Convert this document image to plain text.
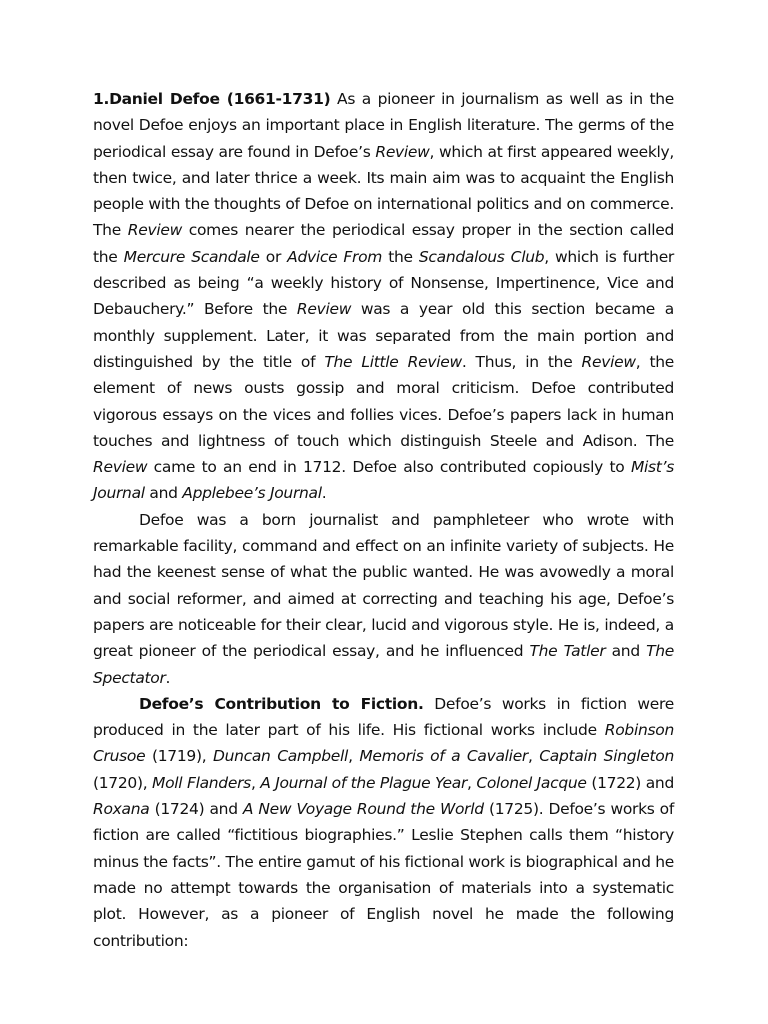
1.Daniel Defoe (1661-1731) As a pioneer in journalism as well as in the novel Defoe enjoys an important place in English literature. The germs of the periodical essay are found in Defoe’s Review, which at first appeared weekly, then twice, and later thrice a week. Its main aim was to acquaint the English people with the thoughts of Defoe on international politics and on commerce. The Review comes nearer the periodical essay proper in the section called the Mercure Scandale or Advice From the Scandalous Club, which is further described as being “a weekly history of Nonsense, Impertinence, Vice and Debauchery.” Before the Review was a year old this section became a monthly supplement. Later, it was separated from the main portion and distinguished by the title of The Little Review. Thus, in the Review, the element of news ousts gossip and moral criticism. Defoe contributed vigorous essays on the vices and follies vices. Defoe’s papers lack in human touches and lightness of touch which distinguish Steele and Adison. The Review came to an end in 1712. Defoe also contributed copiously to Mist’s Journal and Applebee’s Journal.

Defoe was a born journalist and pamphleteer who wrote with remarkable facility, command and effect on an infinite variety of subjects. He had the keenest sense of what the public wanted. He was avowedly a moral and social reformer, and aimed at correcting and teaching his age, Defoe’s papers are noticeable for their clear, lucid and vigorous style. He is, indeed, a great pioneer of the periodical essay, and he influenced The Tatler and The Spectator.

Defoe’s Contribution to Fiction. Defoe’s works in fiction were produced in the later part of his life. His fictional works include Robinson Crusoe (1719), Duncan Campbell, Memoris of a Cavalier, Captain Singleton (1720), Moll Flanders, A Journal of the Plague Year, Colonel Jacque (1722) and Roxana (1724) and A New Voyage Round the World (1725). Defoe’s works of fiction are called “fictitious biographies.” Leslie Stephen calls them “history minus the facts”. The entire gamut of his fictional work is biographical and he made no attempt towards the organisation of materials into a systematic plot. However, as a pioneer of English novel he made the following contribution:
